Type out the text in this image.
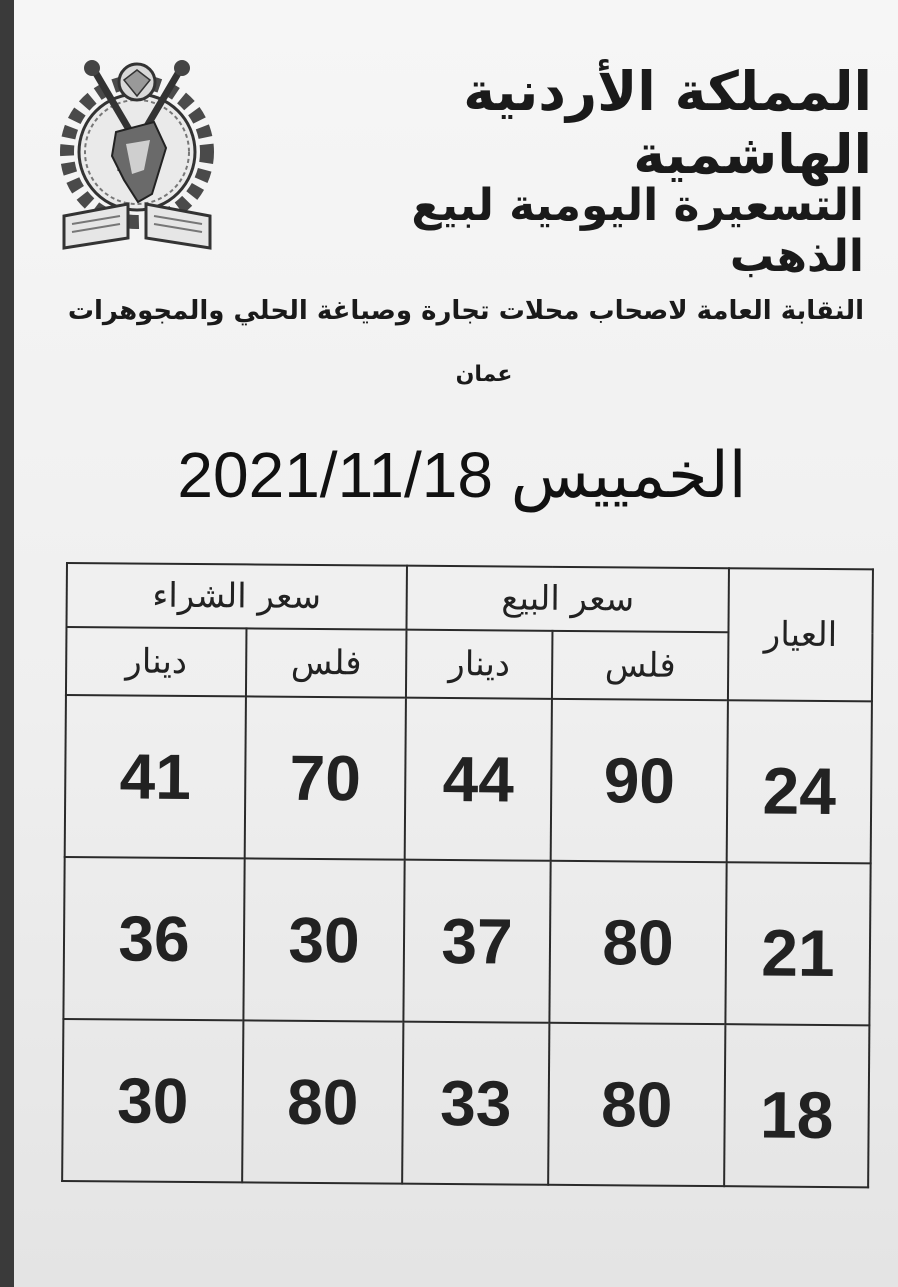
المملكة الأردنية الهاشمية
التسعيرة اليومية لبيع الذهب
النقابة العامة لاصحاب محلات تجارة وصياغة الحلي والمجوهرات
عمان
2021/11/18 الخمييس
العيار	سعر البيع		سعر الشراء	
	فلس	دينار	فلس	دينار
24	90	44	70	41
21	80	37	30	36
18	80	33	80	30
